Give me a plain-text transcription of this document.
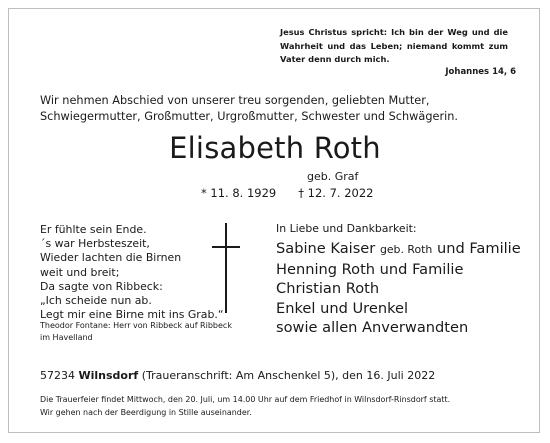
Jesus Christus spricht: Ich bin der Weg und die Wahrheit und das Leben; niemand kommt zum Vater denn durch mich.
Johannes 14, 6
Wir nehmen Abschied von unserer treu sorgenden, geliebten Mutter, Schwiegermutter, Großmutter, Urgroßmutter, Schwester und Schwägerin.
Elisabeth Roth
geb. Graf
* 11. 8. 1929 † 12. 7. 2022
Er fühlte sein Ende.
´s war Herbsteszeit,
Wieder lachten die Birnen
weit und breit;
Da sagte von Ribbeck:
„Ich scheide nun ab.
Legt mir eine Birne mit ins Grab.“
Theodor Fontane: Herr von Ribbeck auf Ribbeck im Havelland
In Liebe und Dankbarkeit:
Sabine Kaiser geb. Roth und Familie
Henning Roth und Familie
Christian Roth
Enkel und Urenkel
sowie allen Anverwandten
57234 Wilnsdorf (Traueranschrift: Am Anschenkel 5), den 16. Juli 2022
Die Trauerfeier findet Mittwoch, den 20. Juli, um 14.00 Uhr auf dem Friedhof in Wilnsdorf-Rinsdorf statt.
Wir gehen nach der Beerdigung in Stille auseinander.
